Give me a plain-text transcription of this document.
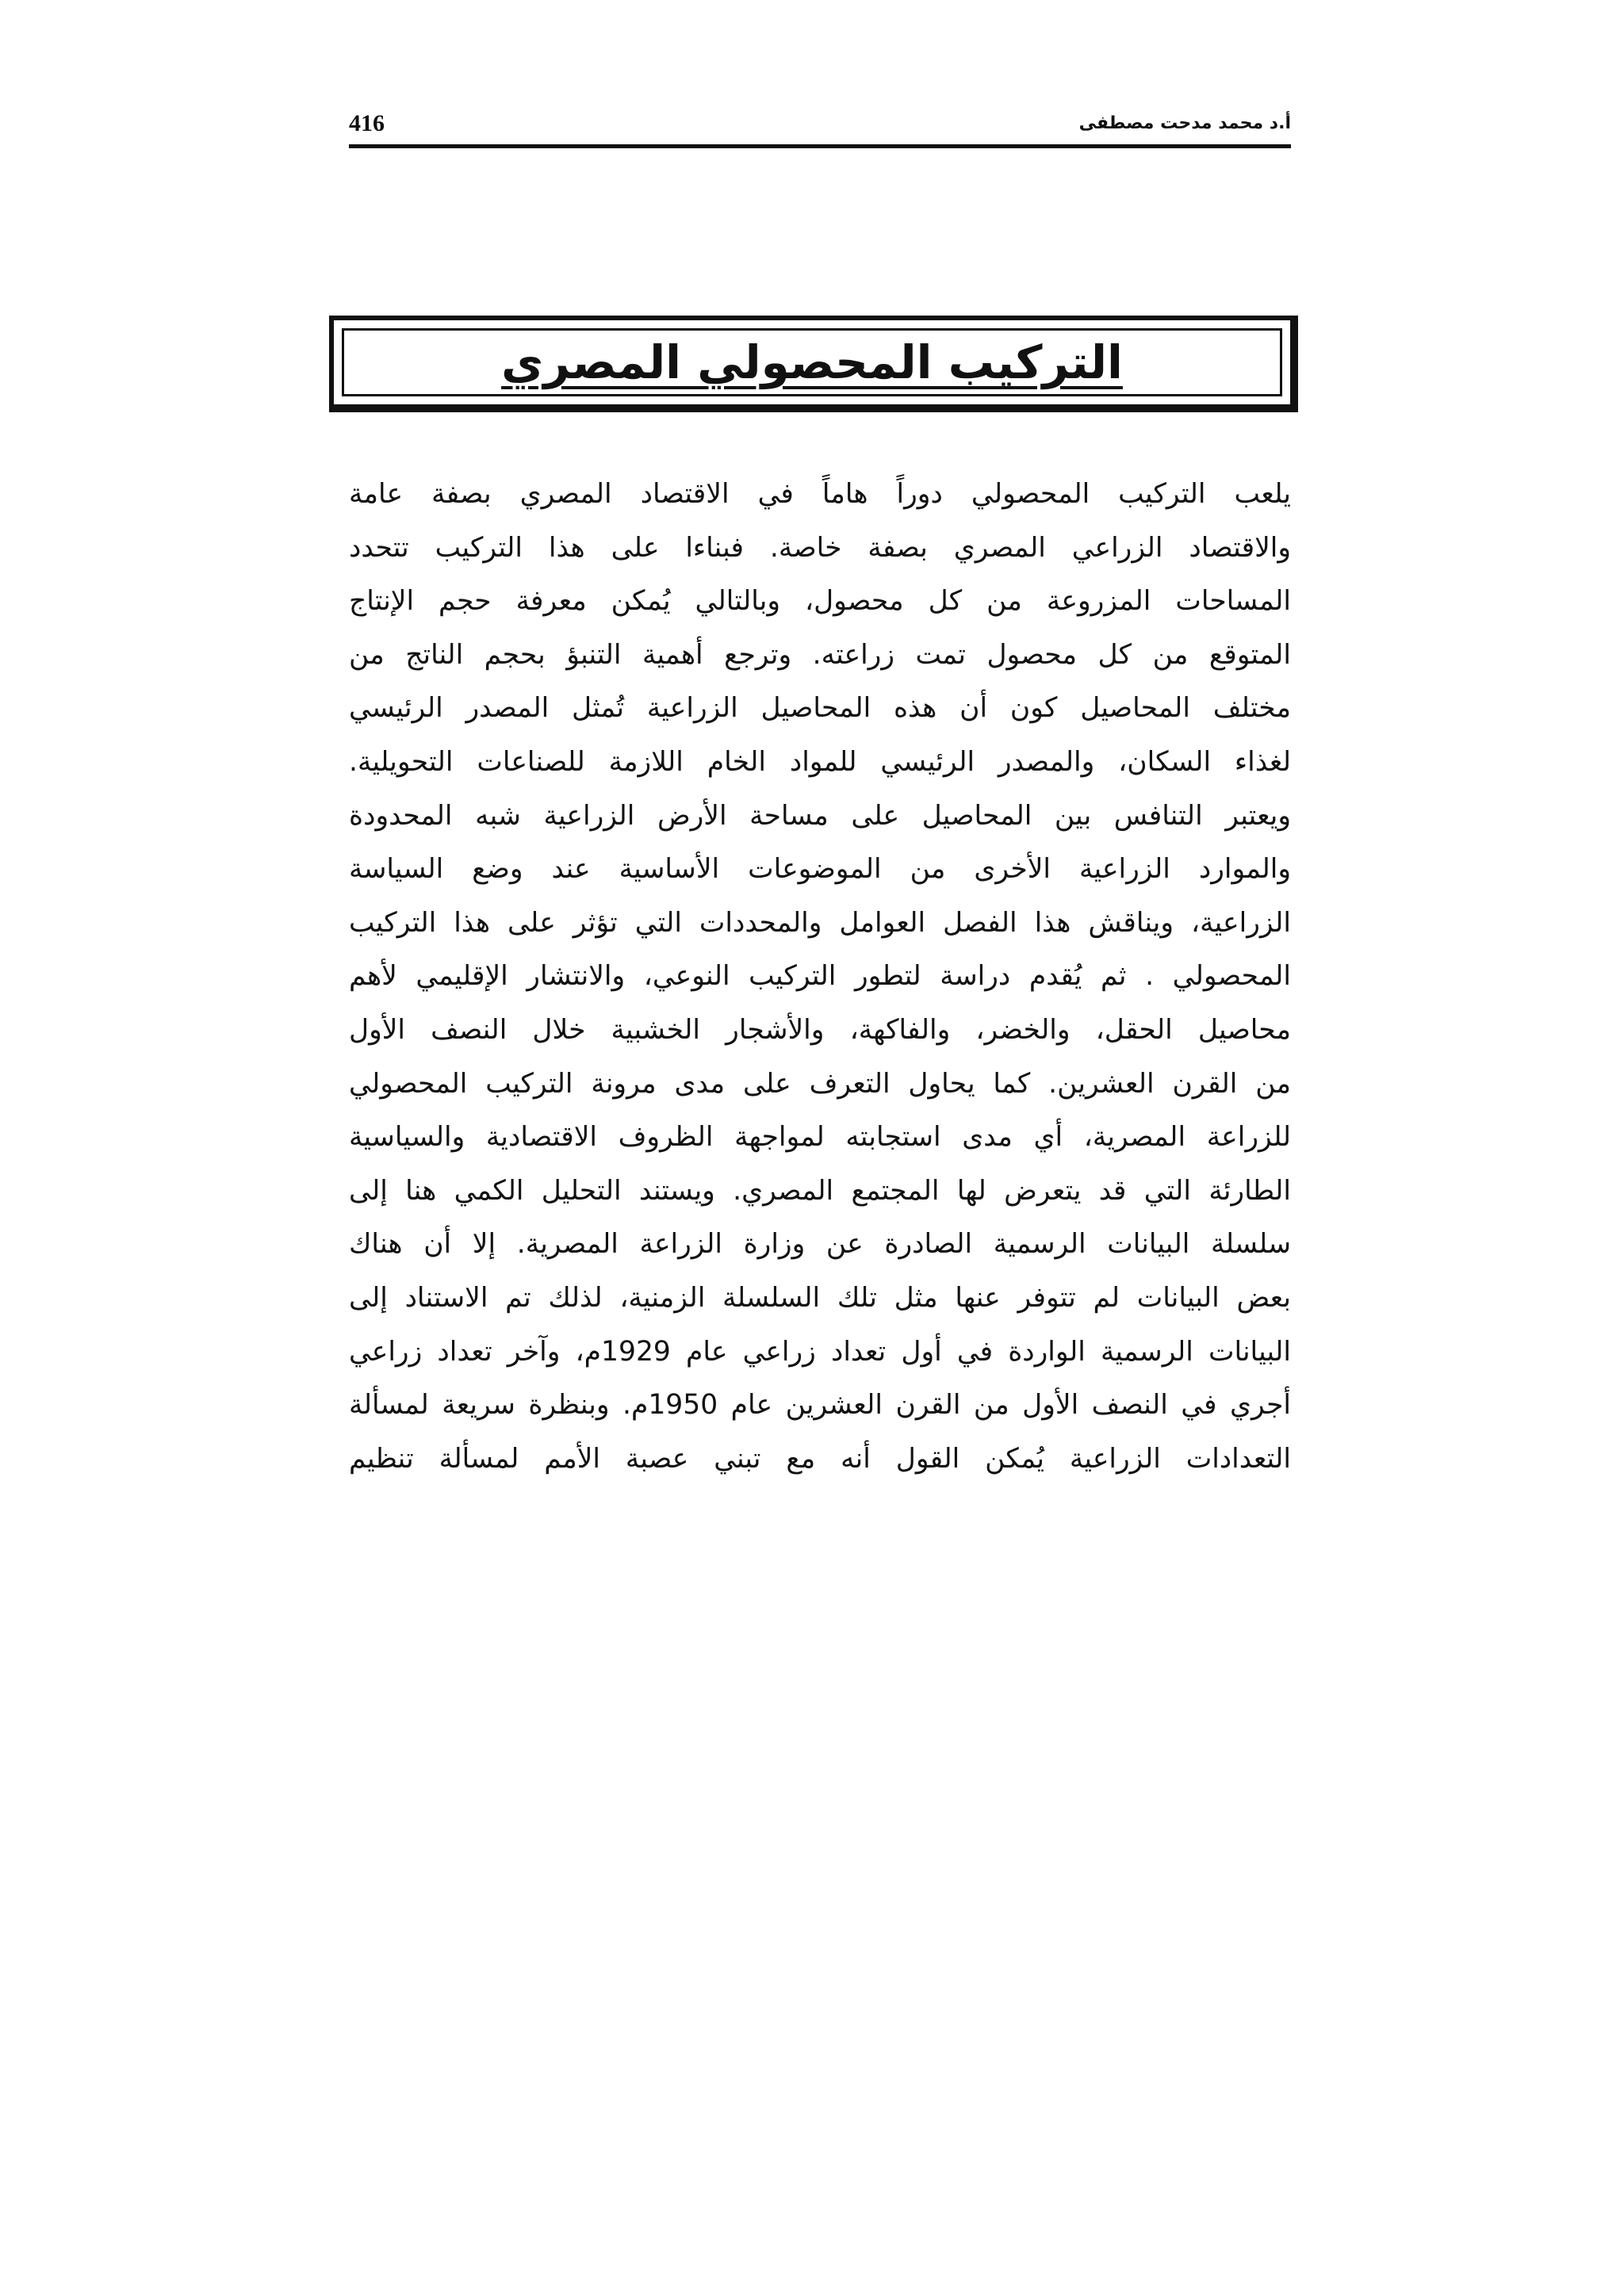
416	أ.د محمد مدحت مصطفى
التركيب المحصولي المصري
يلعب التركيب المحصولي دوراً هاماً في الاقتصاد المصري بصفة عامة
والاقتصاد الزراعي المصري بصفة خاصة. فبناءا على هذا التركيب تتحدد
المساحات المزروعة من كل محصول، وبالتالي يُمكن معرفة حجم الإنتاج
المتوقع من كل محصول تمت زراعته. وترجع أهمية التنبؤ بحجم الناتج من
مختلف المحاصيل كون أن هذه المحاصيل الزراعية تُمثل المصدر الرئيسي
لغذاء السكان، والمصدر الرئيسي للمواد الخام اللازمة للصناعات التحويلية.
ويعتبر التنافس بين المحاصيل على مساحة الأرض الزراعية شبه المحدودة
والموارد الزراعية الأخرى من الموضوعات الأساسية عند وضع السياسة
الزراعية، ويناقش هذا الفصل العوامل والمحددات التي تؤثر على هذا التركيب
المحصولي . ثم يُقدم دراسة لتطور التركيب النوعي، والانتشار الإقليمي لأهم
محاصيل الحقل، والخضر، والفاكهة، والأشجار الخشبية خلال النصف الأول
من القرن العشرين. كما يحاول التعرف على مدى مرونة التركيب المحصولي
للزراعة المصرية، أي مدى استجابته لمواجهة الظروف الاقتصادية والسياسية
الطارئة التي قد يتعرض لها المجتمع المصري. ويستند التحليل الكمي هنا إلى
سلسلة البيانات الرسمية الصادرة عن وزارة الزراعة المصرية. إلا أن هناك
بعض البيانات لم تتوفر عنها مثل تلك السلسلة الزمنية، لذلك تم الاستناد إلى
البيانات الرسمية الواردة في أول تعداد زراعي عام 1929م، وآخر تعداد زراعي
أجري في النصف الأول من القرن العشرين عام 1950م. وبنظرة سريعة لمسألة
التعدادات الزراعية يُمكن القول أنه مع تبني عصبة الأمم لمسألة تنظيم
